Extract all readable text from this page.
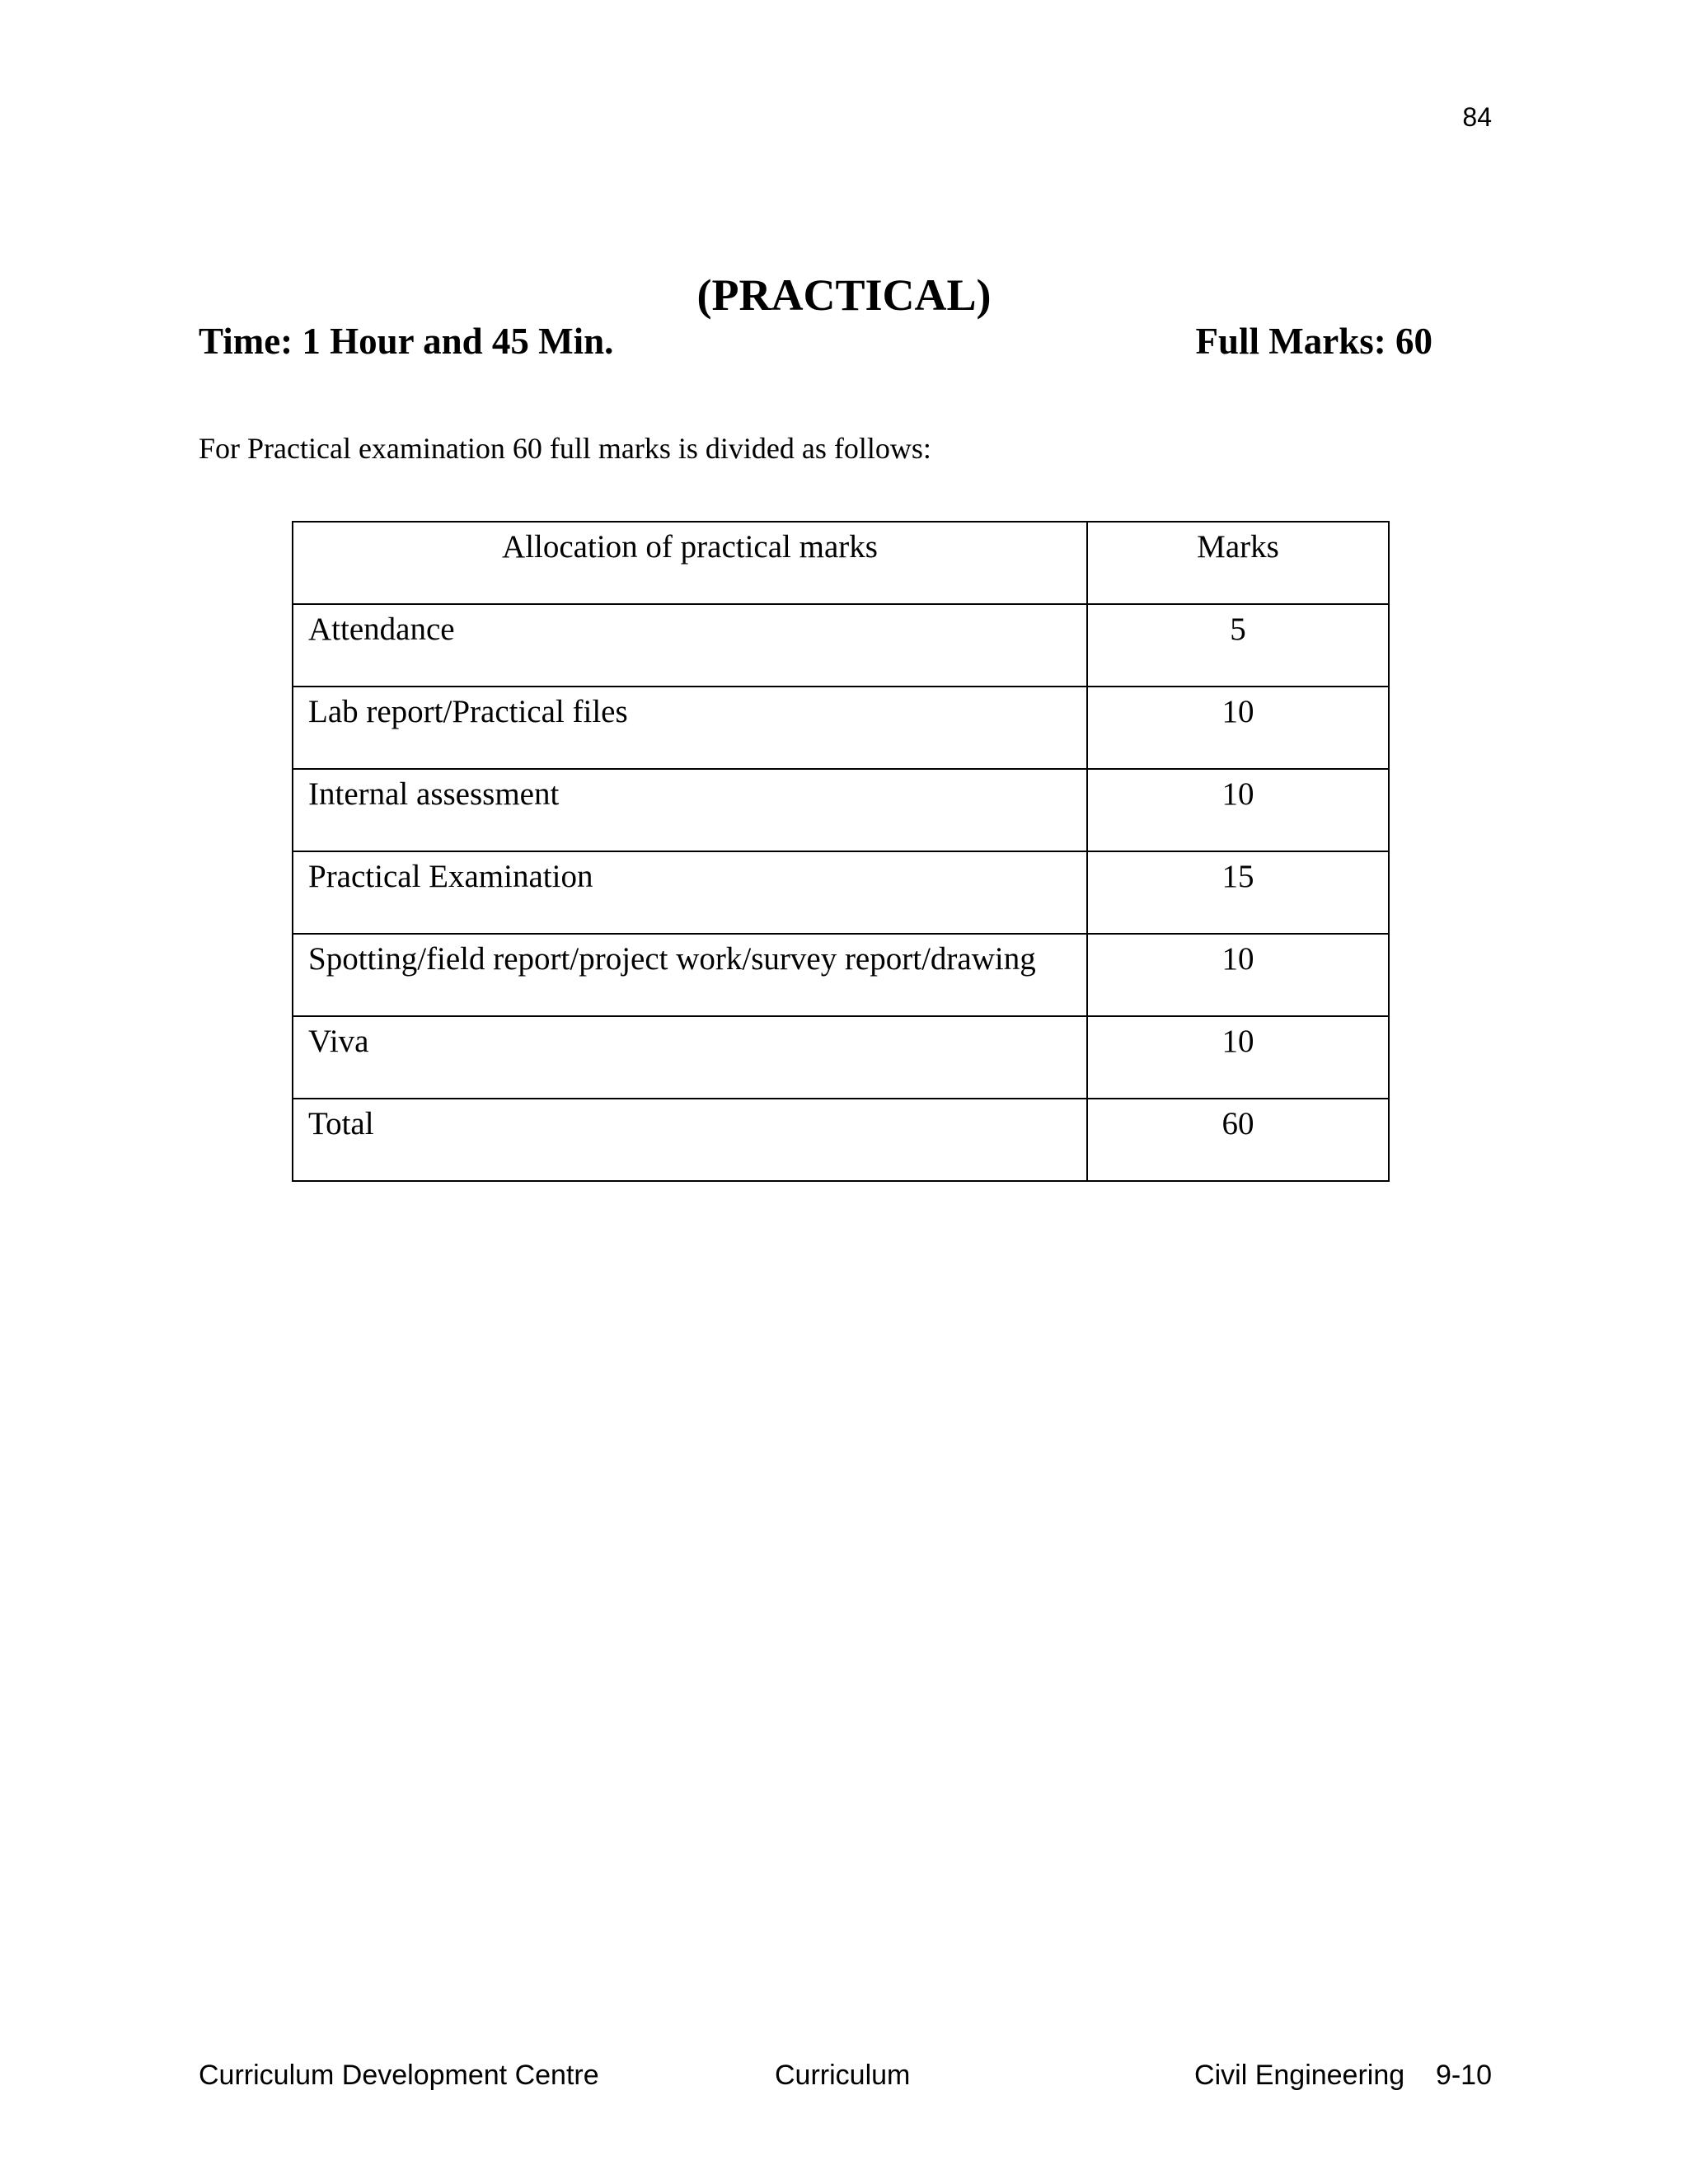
84
(PRACTICAL)
Time: 1 Hour and 45 Min.	Full Marks: 60
For Practical examination 60 full marks is divided as follows:
Allocation of practical marks	Marks
Attendance	5
Lab report/Practical files	10
Internal assessment	10
Practical Examination	15
Spotting/field report/project work/survey report/drawing	10
Viva	10
Total	60
Curriculum Development Centre	Curriculum	Civil Engineering    9-10
